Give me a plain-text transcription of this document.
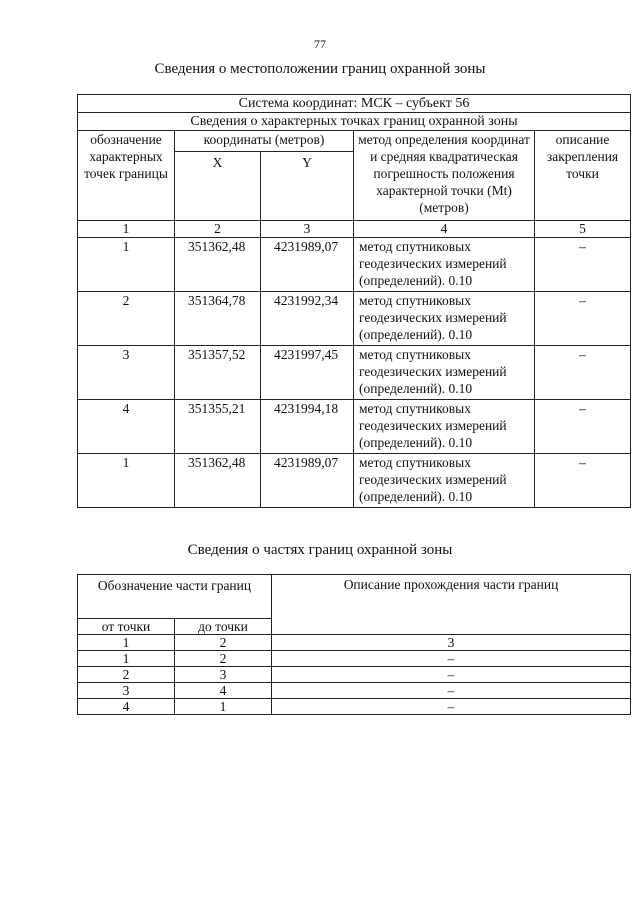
77
Сведения о местоположении границ охранной зоны
Система координат: МСК – субъект 56				
Сведения о характерных точках границ охранной зоны				
обозначение характерных точек границы	координаты (метров)		метод определения координат и средняя квадратическая погрешность положения характерной точки (Mt) (метров)	описание закрепления точки
	X	Y		
1	2	3	4	5
1	351362,48	4231989,07	метод спутниковых геодезических измерений (определений). 0.10	–
2	351364,78	4231992,34	метод спутниковых геодезических измерений (определений). 0.10	–
3	351357,52	4231997,45	метод спутниковых геодезических измерений (определений). 0.10	–
4	351355,21	4231994,18	метод спутниковых геодезических измерений (определений). 0.10	–
1	351362,48	4231989,07	метод спутниковых геодезических измерений (определений). 0.10	–
Сведения о частях границ охранной зоны
Обозначение части границ		Описание прохождения части границ
от точки	до точки	
1	2	3
1	2	–
2	3	–
3	4	–
4	1	–
